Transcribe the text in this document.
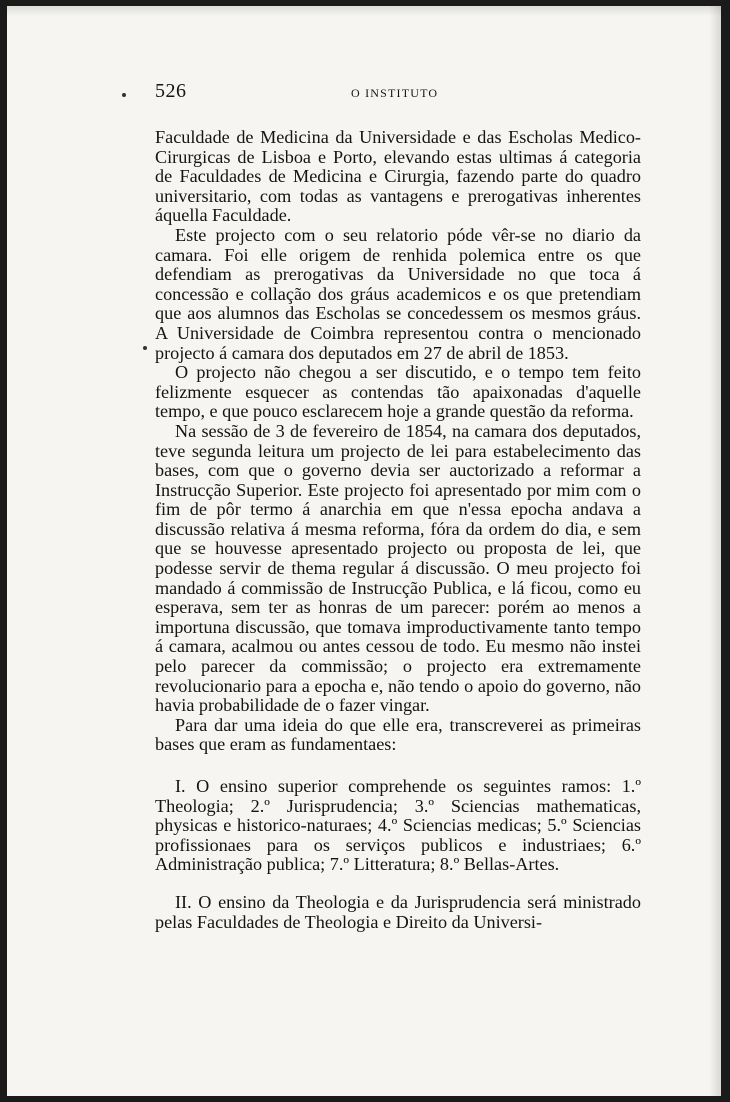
526	O INSTITUTO

Faculdade de Medicina da Universidade e das Escholas Medico-Cirurgicas de Lisboa e Porto, elevando estas ultimas á categoria de Faculdades de Medicina e Cirurgia, fazendo parte do quadro universitario, com todas as vantagens e prerogativas inherentes áquella Faculdade.

Este projecto com o seu relatorio póde vêr-se no diario da camara. Foi elle origem de renhida polemica entre os que defendiam as prerogativas da Universidade no que toca á concessão e collação dos gráus academicos e os que pretendiam que aos alumnos das Escholas se concedessem os mesmos gráus. A Universidade de Coimbra representou contra o mencionado projecto á camara dos deputados em 27 de abril de 1853.

O projecto não chegou a ser discutido, e o tempo tem feito felizmente esquecer as contendas tão apaixonadas d'aquelle tempo, e que pouco esclarecem hoje a grande questão da reforma.

Na sessão de 3 de fevereiro de 1854, na camara dos deputados, teve segunda leitura um projecto de lei para estabelecimento das bases, com que o governo devia ser auctorizado a reformar a Instrucção Superior. Este projecto foi apresentado por mim com o fim de pôr termo á anarchia em que n'essa epocha andava a discussão relativa á mesma reforma, fóra da ordem do dia, e sem que se houvesse apresentado projecto ou proposta de lei, que podesse servir de thema regular á discussão. O meu projecto foi mandado á commissão de Instrucção Publica, e lá ficou, como eu esperava, sem ter as honras de um parecer: porém ao menos a importuna discussão, que tomava improductivamente tanto tempo á camara, acalmou ou antes cessou de todo. Eu mesmo não instei pelo parecer da commissão; o projecto era extremamente revolucionario para a epocha e, não tendo o apoio do governo, não havia probabilidade de o fazer vingar.

Para dar uma ideia do que elle era, transcreverei as primeiras bases que eram as fundamentaes:

I. O ensino superior comprehende os seguintes ramos: 1.º Theologia; 2.º Jurisprudencia; 3.º Sciencias mathematicas, physicas e historico-naturaes; 4.º Sciencias medicas; 5.º Sciencias profissionaes para os serviços publicos e industriaes; 6.º Administração publica; 7.º Litteratura; 8.º Bellas-Artes.

II. O ensino da Theologia e da Jurisprudencia será ministrado pelas Faculdades de Theologia e Direito da Universi-
